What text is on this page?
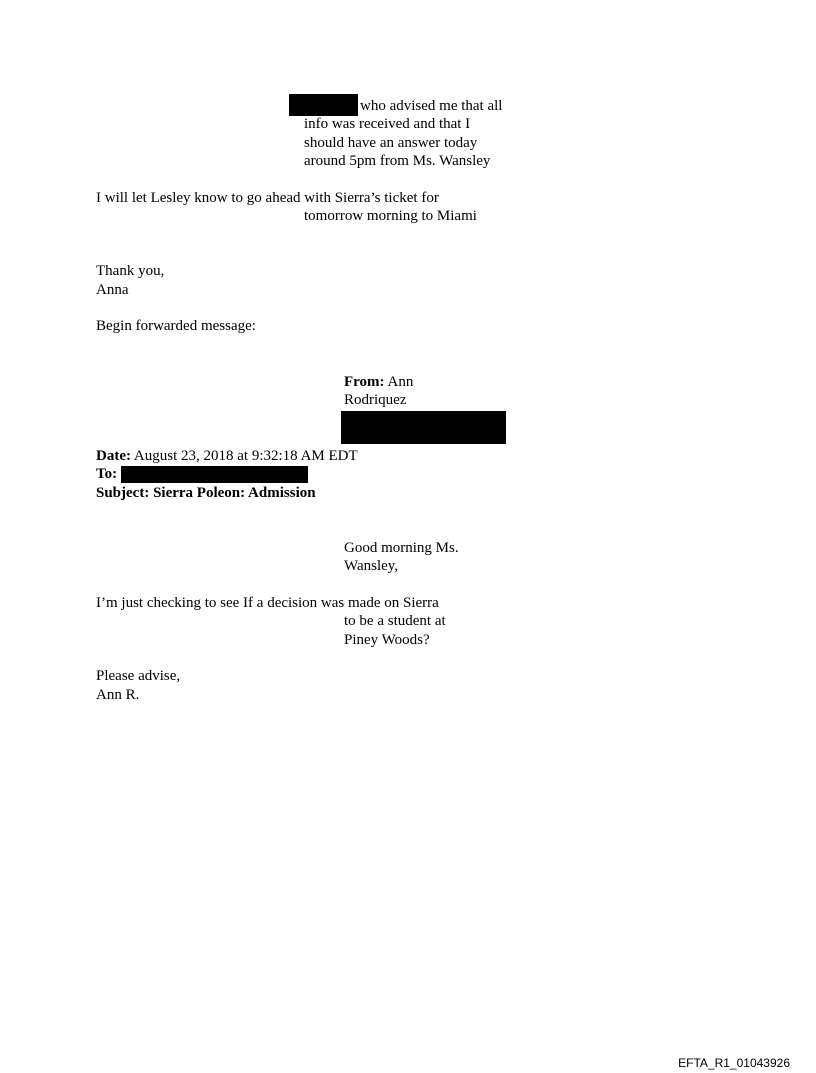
who advised me that all
info was received and that I
should have an answer today
around 5pm from Ms. Wansley
I will let Lesley know to go ahead with Sierra’s ticket for
tomorrow morning to Miami
Thank you,
Anna
Begin forwarded message:
From: Ann
Rodriquez
Date: August 23, 2018 at 9:32:18 AM EDT
To:
Subject: Sierra Poleon: Admission
Good morning Ms.
Wansley,
I’m just checking to see If a decision was made on Sierra
to be a student at
Piney Woods?
Please advise,
Ann R.
EFTA_R1_01043926
